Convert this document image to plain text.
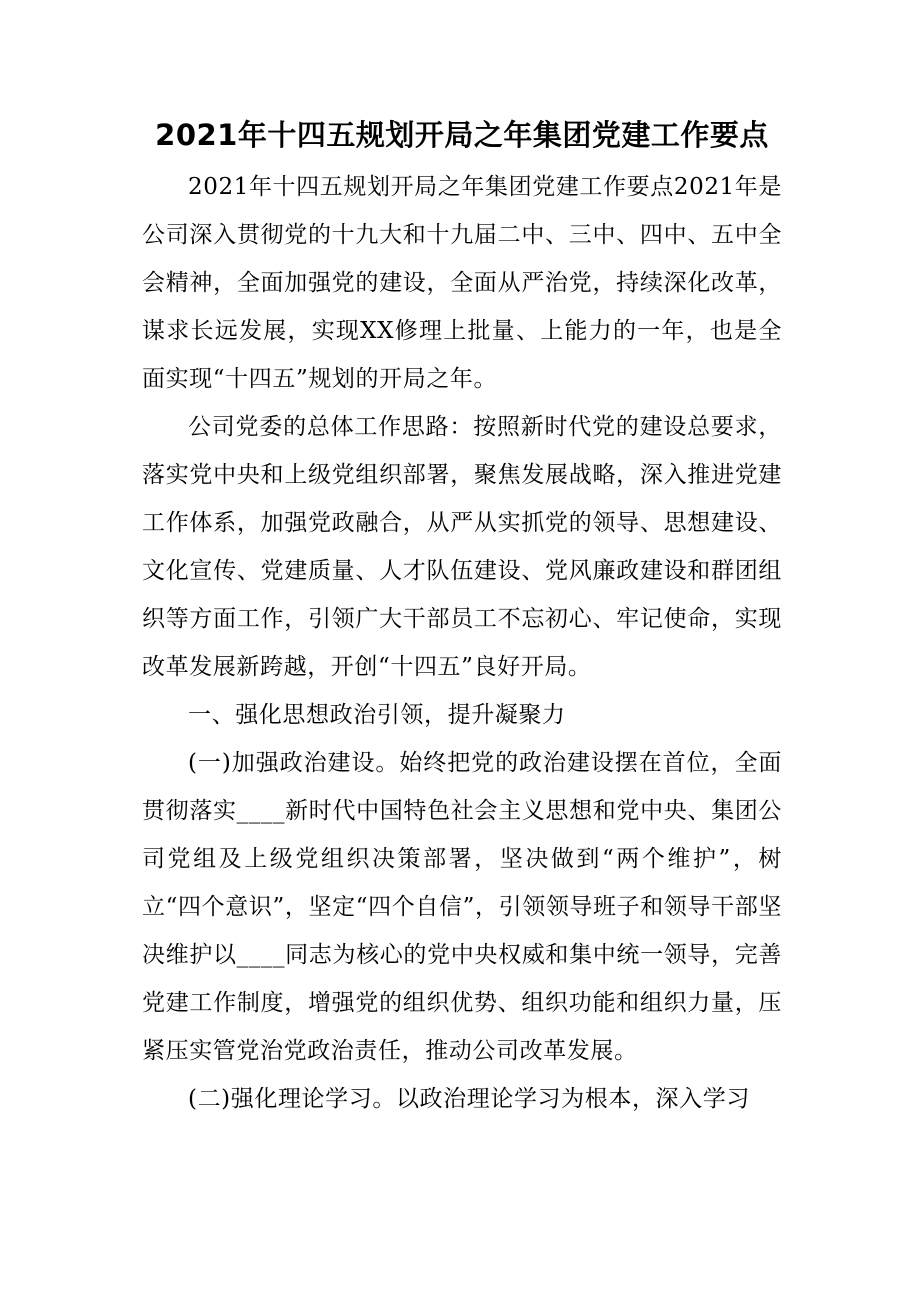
2021年十四五规划开局之年集团党建工作要点

2021年十四五规划开局之年集团党建工作要点2021年是公司深入贯彻党的十九大和十九届二中、三中、四中、五中全会精神，全面加强党的建设，全面从严治党，持续深化改革，谋求长远发展，实现XX修理上批量、上能力的一年，也是全面实现“十四五”规划的开局之年。

公司党委的总体工作思路：按照新时代党的建设总要求，落实党中央和上级党组织部署，聚焦发展战略，深入推进党建工作体系，加强党政融合，从严从实抓党的领导、思想建设、文化宣传、党建质量、人才队伍建设、党风廉政建设和群团组织等方面工作，引领广大干部员工不忘初心、牢记使命，实现改革发展新跨越，开创“十四五”良好开局。

一、强化思想政治引领，提升凝聚力

(一)加强政治建设。始终把党的政治建设摆在首位，全面贯彻落实____新时代中国特色社会主义思想和党中央、集团公司党组及上级党组织决策部署，坚决做到“两个维护”，树立“四个意识”，坚定“四个自信”，引领领导班子和领导干部坚决维护以____同志为核心的党中央权威和集中统一领导，完善党建工作制度，增强党的组织优势、组织功能和组织力量，压紧压实管党治党政治责任，推动公司改革发展。

(二)强化理论学习。以政治理论学习为根本，深入学习
